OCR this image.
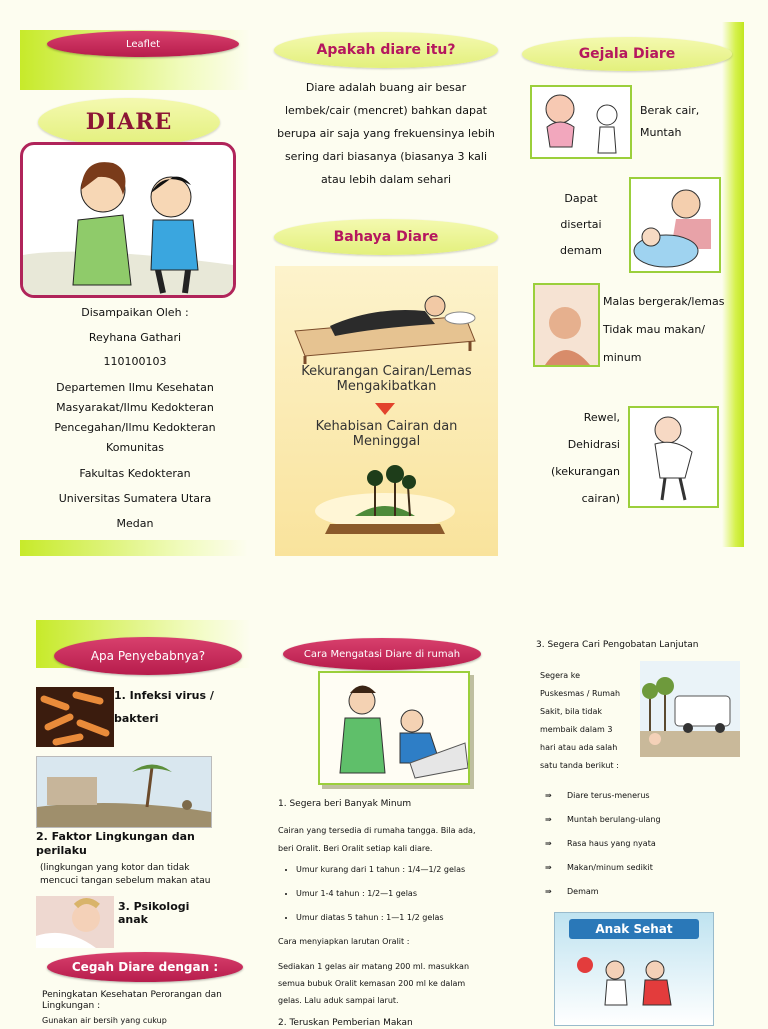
Leaflet
DIARE
Disampaikan Oleh :
Reyhana Gathari
110100103
Departemen Ilmu Kesehatan Masyarakat/Ilmu Kedokteran Pencegahan/Ilmu Kedokteran Komunitas
Fakultas Kedokteran
Universitas Sumatera Utara
Medan
Apakah diare itu?
Diare adalah buang air besar lembek/cair (mencret) bahkan dapat berupa air saja yang frekuensinya lebih sering dari biasanya (biasanya 3 kali atau lebih dalam sehari
Bahaya Diare
Kekurangan Cairan/Lemas
Mengakibatkan
Kehabisan Cairan dan
Meninggal
Gejala Diare
Berak cair, Muntah
Dapat disertai demam
Malas bergerak/lemas Tidak mau makan/ minum
Rewel, Dehidrasi (kekurangan cairan)
Apa Penyebabnya?
1. Infeksi virus / bakteri
2. Faktor Lingkungan dan perilaku
(lingkungan yang kotor dan tidak mencuci tangan sebelum makan atau
3. Psikologi anak
Cegah Diare dengan :
Peningkatan Kesehatan Perorangan dan Lingkungan :
Gunakan air bersih yang cukup
Cara Mengatasi Diare di rumah
1. Segera beri Banyak Minum
Cairan yang tersedia di rumaha tangga. Bila ada, beri Oralit. Beri Oralit setiap kali diare.
• Umur kurang dari 1 tahun : 1/4—1/2 gelas
• Umur 1-4 tahun : 1/2—1 gelas
• Umur diatas 5 tahun : 1—1 1/2 gelas
Cara menyiapkan larutan Oralit :
Sediakan 1 gelas air matang 200 ml. masukkan semua bubuk Oralit kemasan 200 ml ke dalam gelas. Lalu aduk sampai larut.
2. Teruskan Pemberian Makan
3. Segera Cari Pengobatan Lanjutan
Segera ke Puskesmas / Rumah Sakit, bila tidak membaik dalam 3 hari atau ada salah satu tanda berikut :
⇛ Diare terus-menerus
⇛ Muntah berulang-ulang
⇛ Rasa haus yang nyata
⇛ Makan/minum sedikit
⇛ Demam
Anak Sehat
